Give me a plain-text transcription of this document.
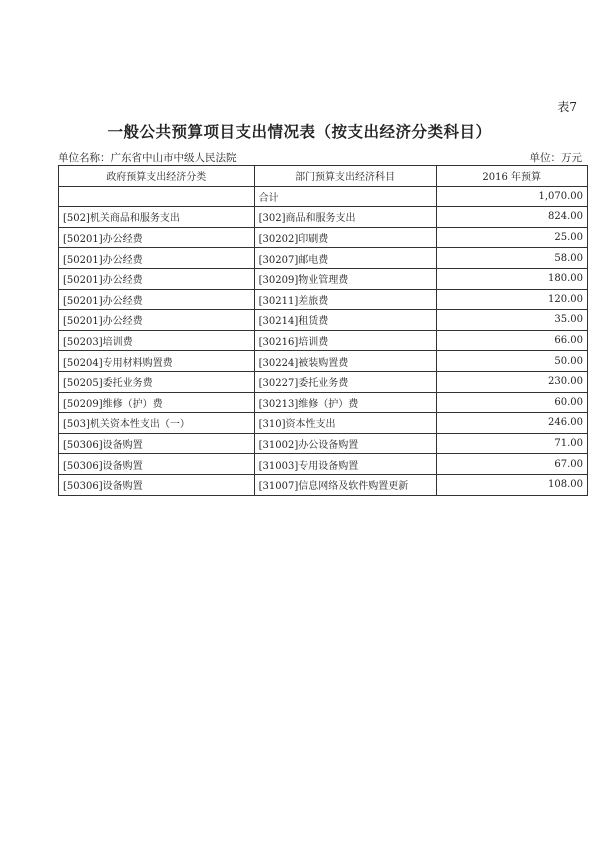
表7
一般公共预算项目支出情况表（按支出经济分类科目）
单位名称：广东省中山市中级人民法院	单位：万元
政府预算支出经济分类	部门预算支出经济科目	2016 年预算
	合计	1,070.00
[502]机关商品和服务支出	[302]商品和服务支出	824.00
[50201]办公经费	[30202]印刷费	25.00
[50201]办公经费	[30207]邮电费	58.00
[50201]办公经费	[30209]物业管理费	180.00
[50201]办公经费	[30211]差旅费	120.00
[50201]办公经费	[30214]租赁费	35.00
[50203]培训费	[30216]培训费	66.00
[50204]专用材料购置费	[30224]被装购置费	50.00
[50205]委托业务费	[30227]委托业务费	230.00
[50209]维修（护）费	[30213]维修（护）费	60.00
[503]机关资本性支出（一）	[310]资本性支出	246.00
[50306]设备购置	[31002]办公设备购置	71.00
[50306]设备购置	[31003]专用设备购置	67.00
[50306]设备购置	[31007]信息网络及软件购置更新	108.00
